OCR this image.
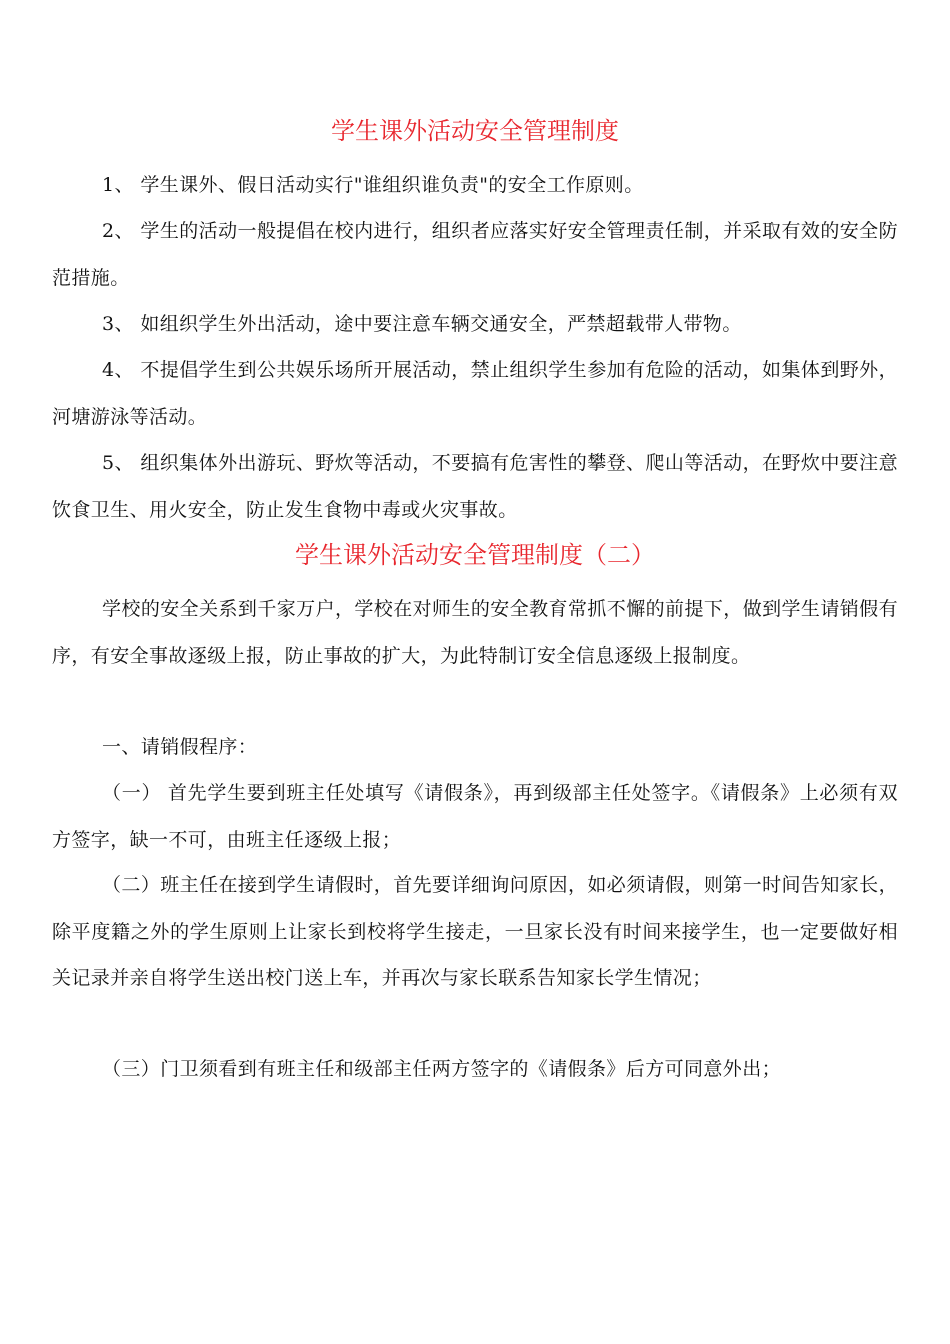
学生课外活动安全管理制度
1、 学生课外、假日活动实行"谁组织谁负责"的安全工作原则。
2、 学生的活动一般提倡在校内进行，组织者应落实好安全管理责任制，并采取有效的安全防范措施。
3、 如组织学生外出活动，途中要注意车辆交通安全，严禁超载带人带物。
4、 不提倡学生到公共娱乐场所开展活动，禁止组织学生参加有危险的活动，如集体到野外，河塘游泳等活动。
5、 组织集体外出游玩、野炊等活动，不要搞有危害性的攀登、爬山等活动，在野炊中要注意饮食卫生、用火安全，防止发生食物中毒或火灾事故。
学生课外活动安全管理制度（二）
学校的安全关系到千家万户，学校在对师生的安全教育常抓不懈的前提下，做到学生请销假有序，有安全事故逐级上报，防止事故的扩大，为此特制订安全信息逐级上报制度。
一、请销假程序：
（一） 首先学生要到班主任处填写《请假条》，再到级部主任处签字。《请假条》上必须有双方签字，缺一不可，由班主任逐级上报；
（二）班主任在接到学生请假时，首先要详细询问原因，如必须请假，则第一时间告知家长，除平度籍之外的学生原则上让家长到校将学生接走，一旦家长没有时间来接学生，也一定要做好相关记录并亲自将学生送出校门送上车，并再次与家长联系告知家长学生情况；
（三）门卫须看到有班主任和级部主任两方签字的《请假条》后方可同意外出；
